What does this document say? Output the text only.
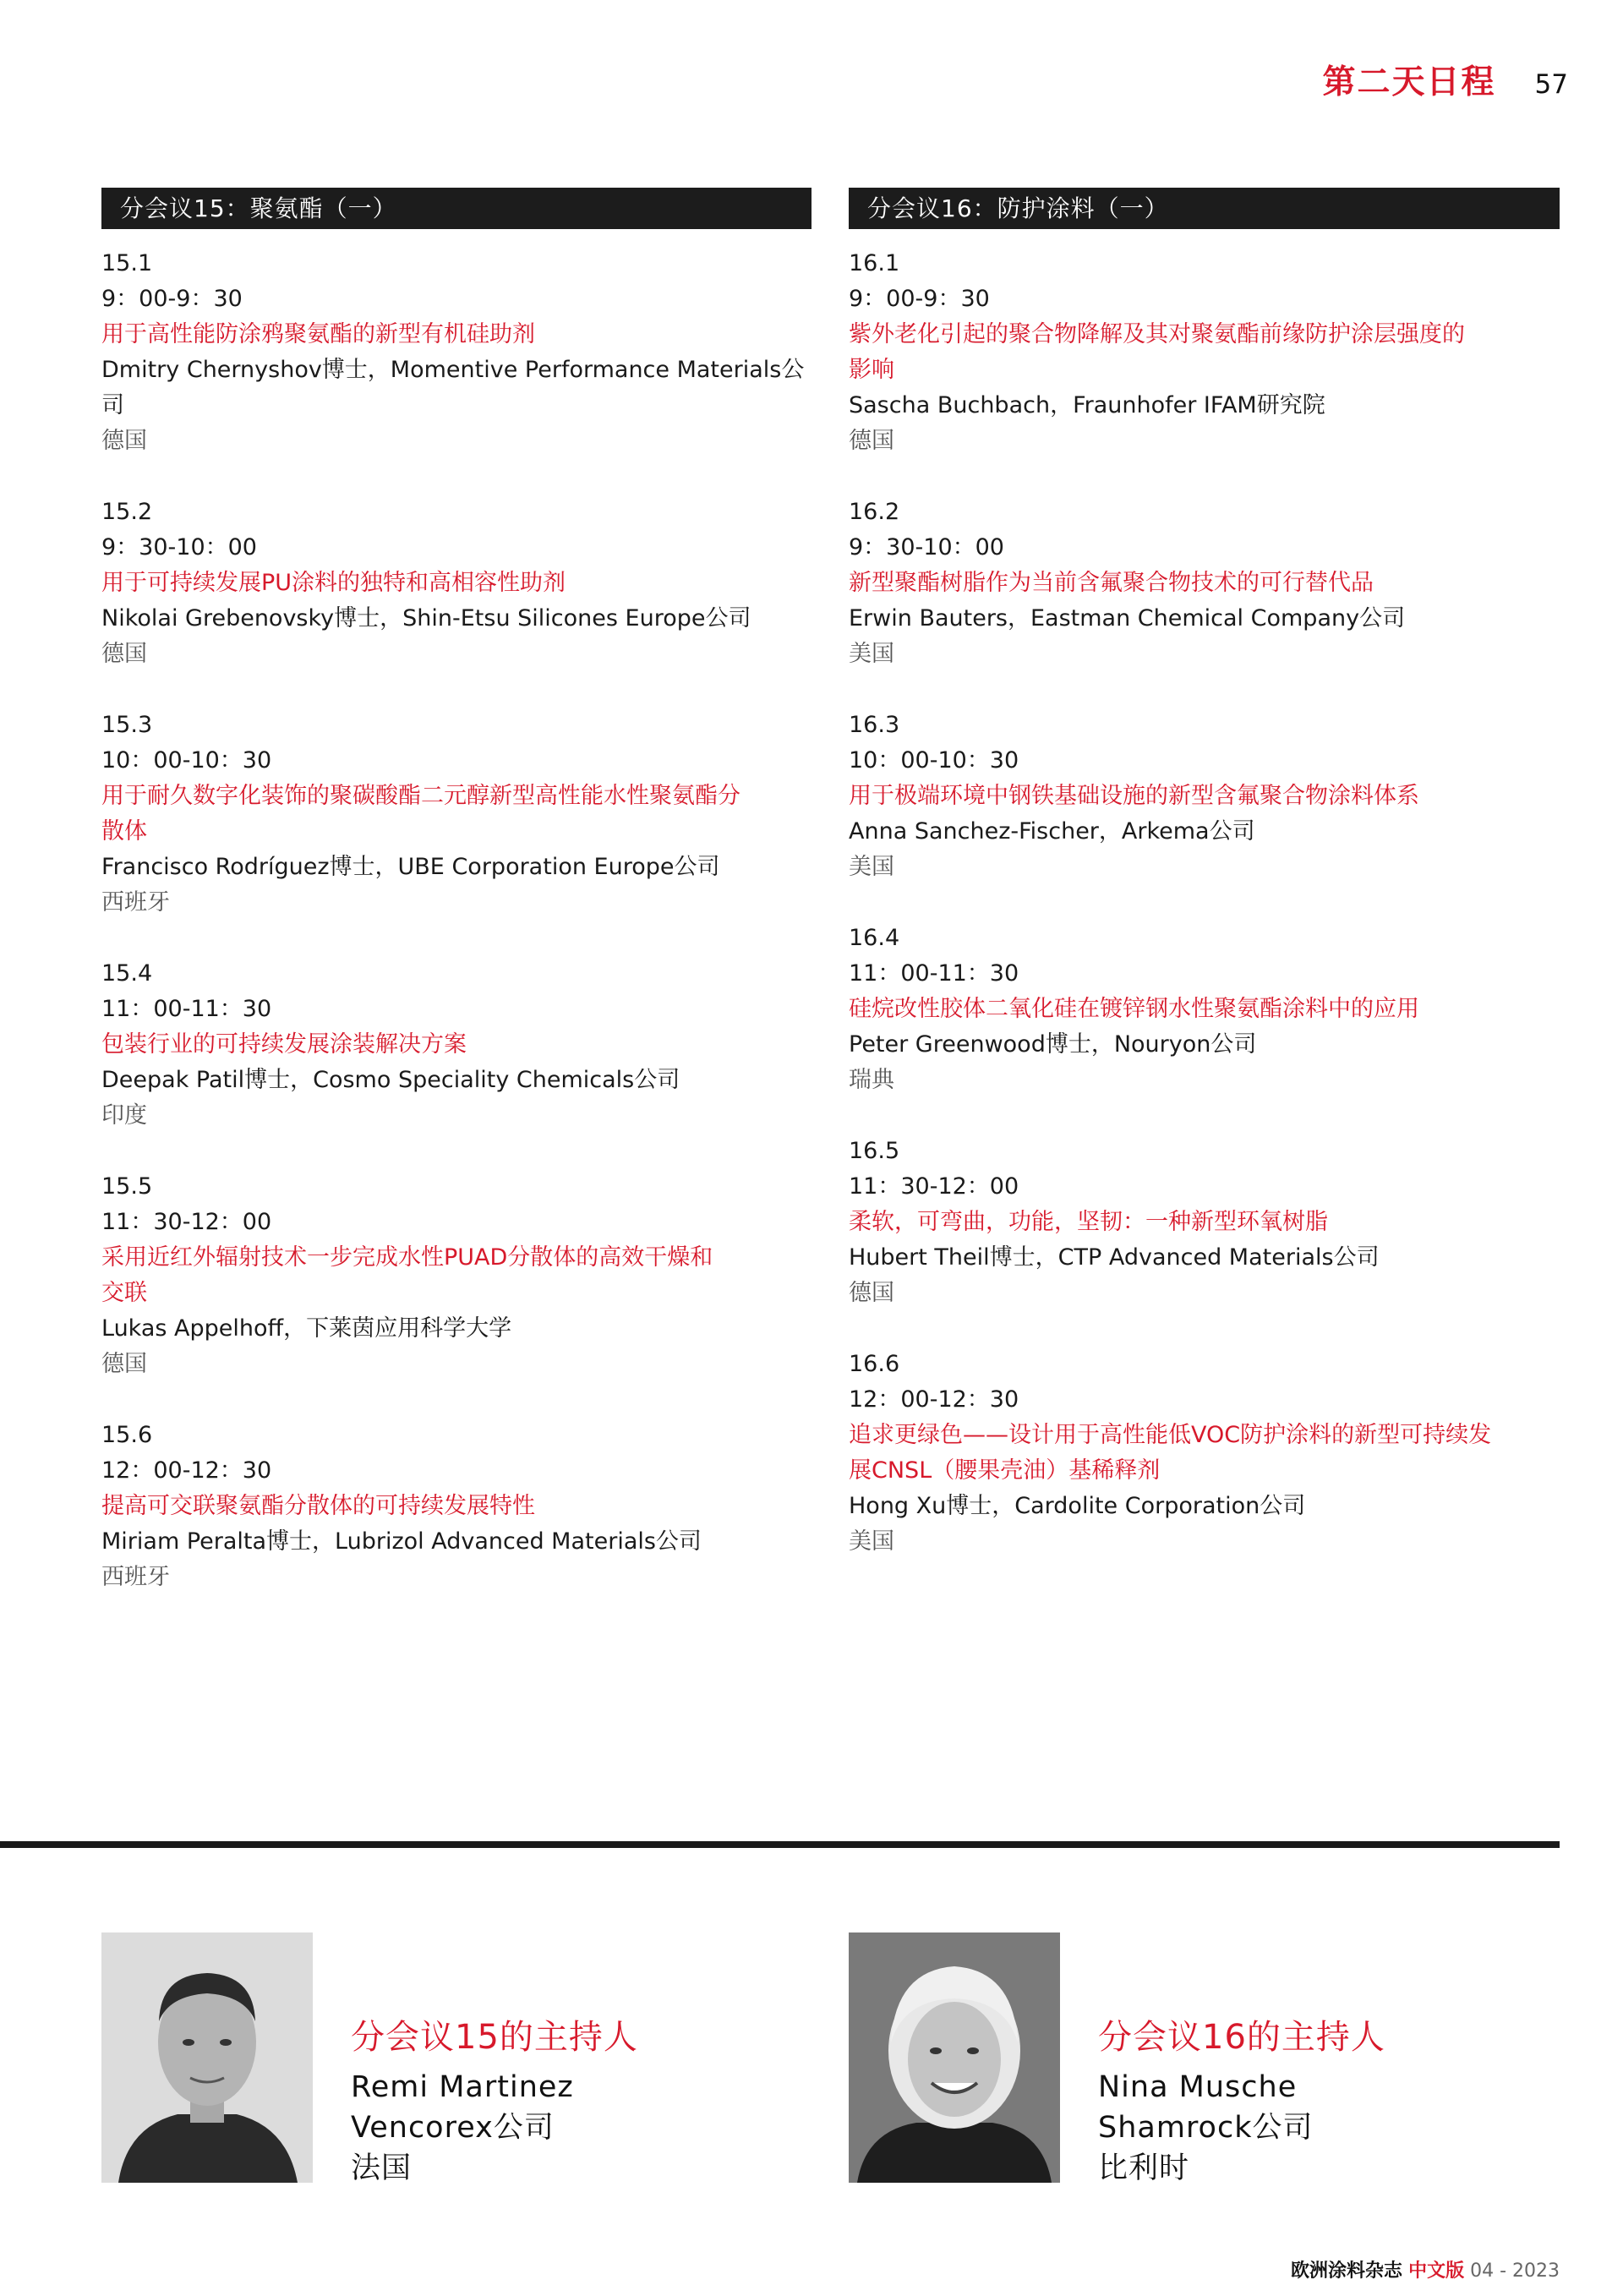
第二天日程 57
分会议15：聚氨酯（一）
15.1
9：00-9：30
用于高性能防涂鸦聚氨酯的新型有机硅助剂
Dmitry Chernyshov博士，Momentive Performance Materials公
司
德国
15.2
9：30-10：00
用于可持续发展PU涂料的独特和高相容性助剂
Nikolai Grebenovsky博士，Shin-Etsu Silicones Europe公司
德国
15.3
10：00-10：30
用于耐久数字化装饰的聚碳酸酯二元醇新型高性能水性聚氨酯分
散体
Francisco Rodríguez博士，UBE Corporation Europe公司
西班牙
15.4
11：00-11：30
包装行业的可持续发展涂装解决方案
Deepak Patil博士，Cosmo Speciality Chemicals公司
印度
15.5
11：30-12：00
采用近红外辐射技术一步完成水性PUAD分散体的高效干燥和
交联
Lukas Appelhoff，下莱茵应用科学大学
德国
15.6
12：00-12：30
提高可交联聚氨酯分散体的可持续发展特性
Miriam Peralta博士，Lubrizol Advanced Materials公司
西班牙
分会议16：防护涂料（一）
16.1
9：00-9：30
紫外老化引起的聚合物降解及其对聚氨酯前缘防护涂层强度的
影响
Sascha Buchbach，Fraunhofer IFAM研究院
德国
16.2
9：30-10：00
新型聚酯树脂作为当前含氟聚合物技术的可行替代品
Erwin Bauters，Eastman Chemical Company公司
美国
16.3
10：00-10：30
用于极端环境中钢铁基础设施的新型含氟聚合物涂料体系
Anna Sanchez-Fischer，Arkema公司
美国
16.4
11：00-11：30
硅烷改性胶体二氧化硅在镀锌钢水性聚氨酯涂料中的应用
Peter Greenwood博士，Nouryon公司
瑞典
16.5
11：30-12：00
柔软，可弯曲，功能，坚韧：一种新型环氧树脂
Hubert Theil博士，CTP Advanced Materials公司
德国
16.6
12：00-12：30
追求更绿色——设计用于高性能低VOC防护涂料的新型可持续发
展CNSL（腰果壳油）基稀释剂
Hong Xu博士，Cardolite Corporation公司
美国
分会议15的主持人
Remi Martinez
Vencorex公司
法国
分会议16的主持人
Nina Musche
Shamrock公司
比利时
欧洲涂料杂志 中文版 04 - 2023
